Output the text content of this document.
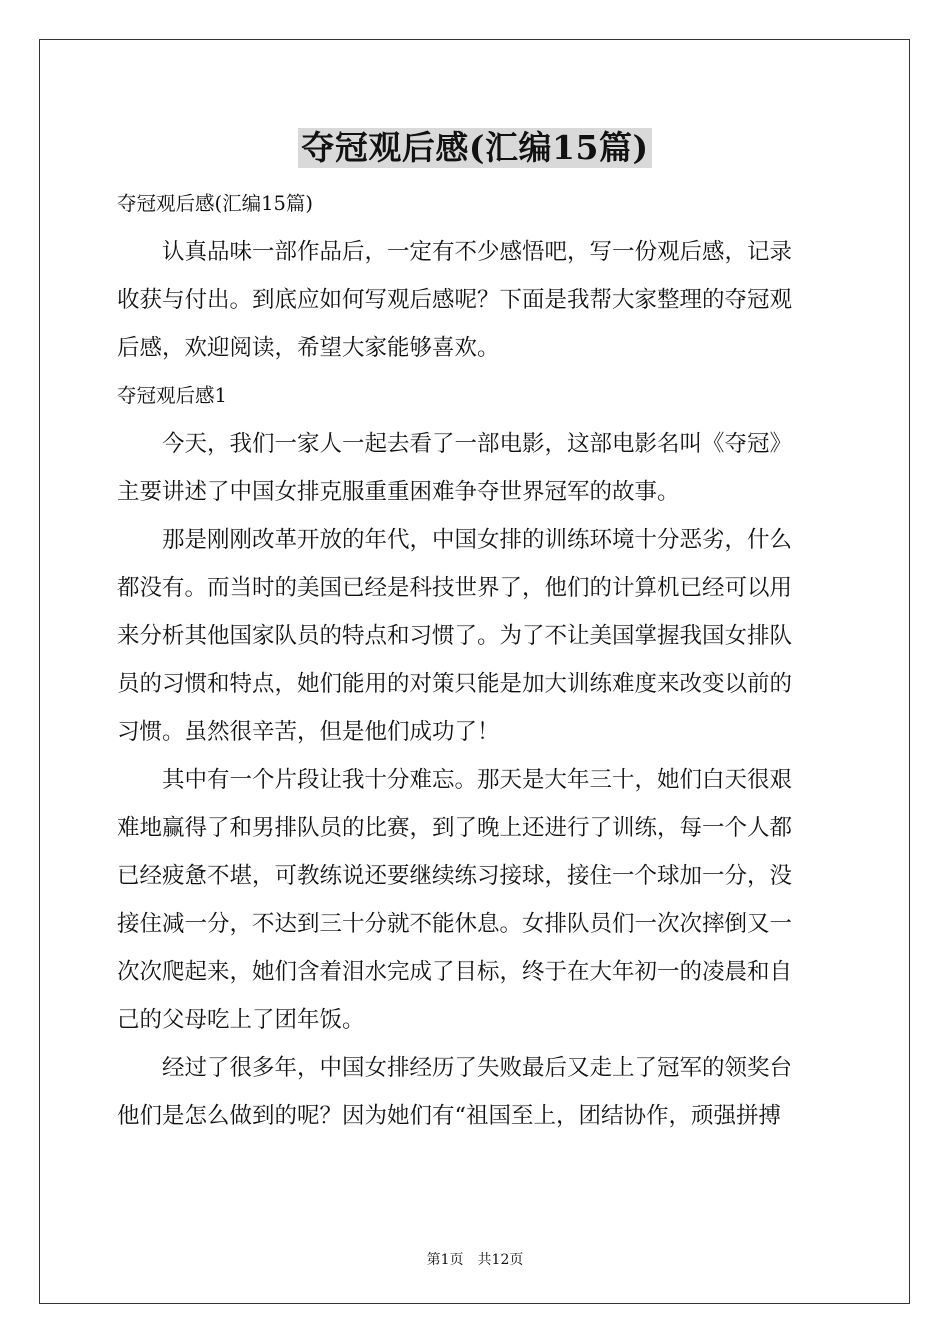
夺冠观后感(汇编15篇)
夺冠观后感(汇编15篇)
认真品味一部作品后，一定有不少感悟吧，写一份观后感，记录
收获与付出。到底应如何写观后感呢？下面是我帮大家整理的夺冠观
后感，欢迎阅读，希望大家能够喜欢。
夺冠观后感1
今天，我们一家人一起去看了一部电影，这部电影名叫《夺冠》
主要讲述了中国女排克服重重困难争夺世界冠军的故事。
那是刚刚改革开放的年代，中国女排的训练环境十分恶劣，什么
都没有。而当时的美国已经是科技世界了，他们的计算机已经可以用
来分析其他国家队员的特点和习惯了。为了不让美国掌握我国女排队
员的习惯和特点，她们能用的对策只能是加大训练难度来改变以前的
习惯。虽然很辛苦，但是他们成功了！
其中有一个片段让我十分难忘。那天是大年三十，她们白天很艰
难地赢得了和男排队员的比赛，到了晚上还进行了训练，每一个人都
已经疲惫不堪，可教练说还要继续练习接球，接住一个球加一分，没
接住减一分，不达到三十分就不能休息。女排队员们一次次摔倒又一
次次爬起来，她们含着泪水完成了目标，终于在大年初一的凌晨和自
己的父母吃上了团年饭。
经过了很多年，中国女排经历了失败最后又走上了冠军的领奖台
他们是怎么做到的呢？因为她们有“祖国至上，团结协作，顽强拼搏
第1页 共12页
